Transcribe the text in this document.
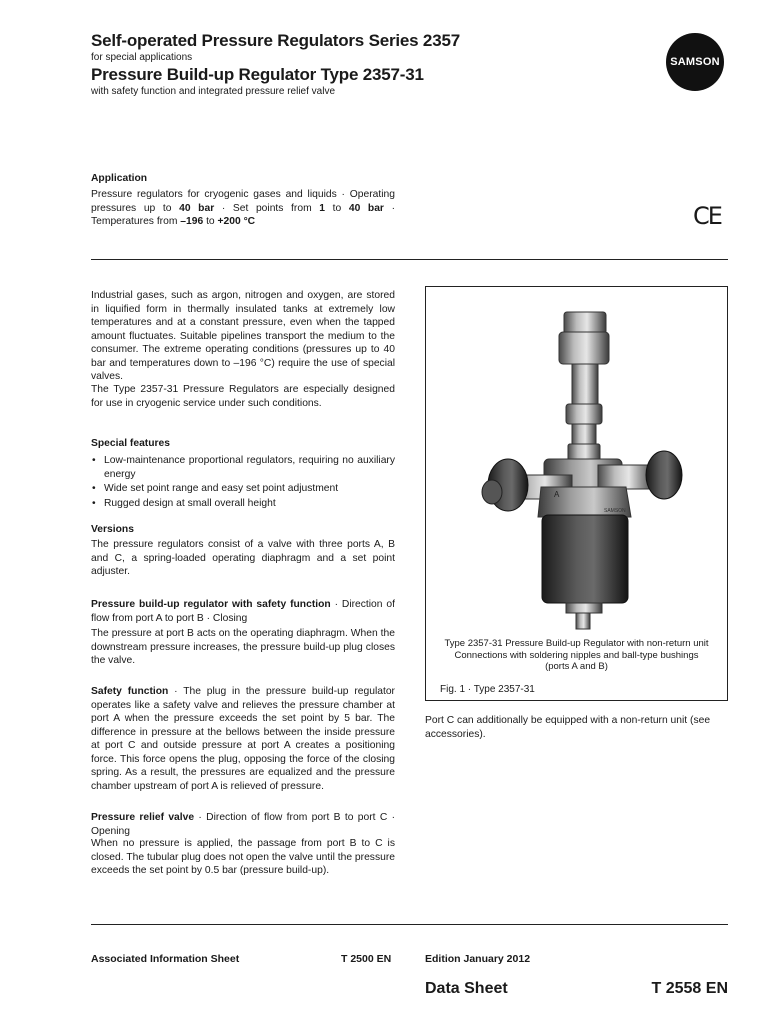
Self-operated Pressure Regulators Series 2357
for special applications
Pressure Build-up Regulator Type 2357-31
with safety function and integrated pressure relief valve
SAMSON
Application
Pressure regulators for cryogenic gases and liquids · Operating pressures up to 40 bar · Set points from 1 to 40 bar · Temperatures from –196 to +200 °C	CE
Industrial gases, such as argon, nitrogen and oxygen, are stored in liquified form in thermally insulated tanks at extremely low temperatures and at a constant pressure, even when the tapped amount fluctuates. Suitable pipelines transport the medium to the consumer. The extreme operating conditions (pressures up to 40 bar and temperatures down to –196 °C) require the use of special valves.
The Type 2357-31 Pressure Regulators are especially designed for use in cryogenic service under such conditions.
Special features
• Low-maintenance proportional regulators, requiring no auxiliary energy
• Wide set point range and easy set point adjustment
• Rugged design at small overall height
Versions
The pressure regulators consist of a valve with three ports A, B and C, a spring-loaded operating diaphragm and a set point adjuster.
Pressure build-up regulator with safety function · Direction of flow from port A to port B · Closing
The pressure at port B acts on the operating diaphragm. When the downstream pressure increases, the pressure build-up plug closes the valve.
Safety function · The plug in the pressure build-up regulator operates like a safety valve and relieves the pressure chamber at port A when the pressure exceeds the set point by 5 bar. The difference in pressure at the bellows between the inside pressure at port C and outside pressure at port A creates a positioning force. This force opens the plug, opposing the force of the closing spring. As a result, the pressures are equalized and the pressure chamber upstream of port A is relieved of pressure.
Pressure relief valve · Direction of flow from port B to port C · Opening
When no pressure is applied, the passage from port B to C is closed. The tubular plug does not open the valve until the pressure exceeds the set point by 0.5 bar (pressure build-up).
A
SAMSON
Type 2357-31 Pressure Build-up Regulator with non-return unit
Connections with soldering nipples and ball-type bushings
(ports A and B)
Fig. 1 · Type 2357-31
Port C can additionally be equipped with a non-return unit (see accessories).
Associated Information Sheet	T 2500 EN	Edition January 2012
Data Sheet	T 2558 EN
